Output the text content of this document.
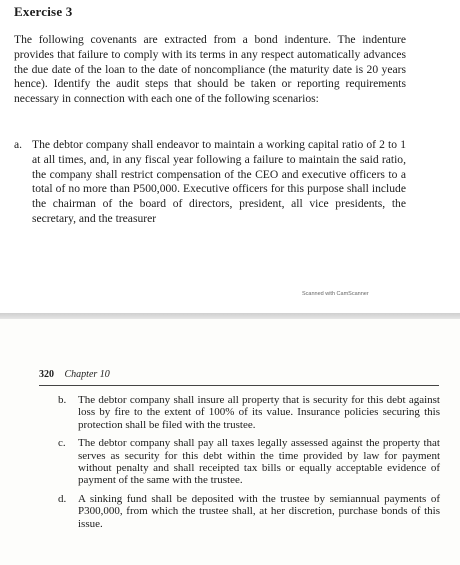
Exercise 3
The following covenants are extracted from a bond indenture. The indenture provides that failure to comply with its terms in any respect automatically advances the due date of the loan to the date of noncompliance (the maturity date is 20 years hence). Identify the audit steps that should be taken or reporting requirements necessary in connection with each one of the following scenarios:
a. The debtor company shall endeavor to maintain a working capital ratio of 2 to 1 at all times, and, in any fiscal year following a failure to maintain the said ratio, the company shall restrict compensation of the CEO and executive officers to a total of no more than P500,000. Executive officers for this purpose shall include the chairman of the board of directors, president, all vice presidents, the secretary, and the treasurer
Scanned with CamScanner
320 Chapter 10
b. The debtor company shall insure all property that is security for this debt against loss by fire to the extent of 100% of its value. Insurance policies securing this protection shall be filed with the trustee.
c. The debtor company shall pay all taxes legally assessed against the property that serves as security for this debt within the time provided by law for payment without penalty and shall receipted tax bills or equally acceptable evidence of payment of the same with the trustee.
d. A sinking fund shall be deposited with the trustee by semiannual payments of P300,000, from which the trustee shall, at her discretion, purchase bonds of this issue.
